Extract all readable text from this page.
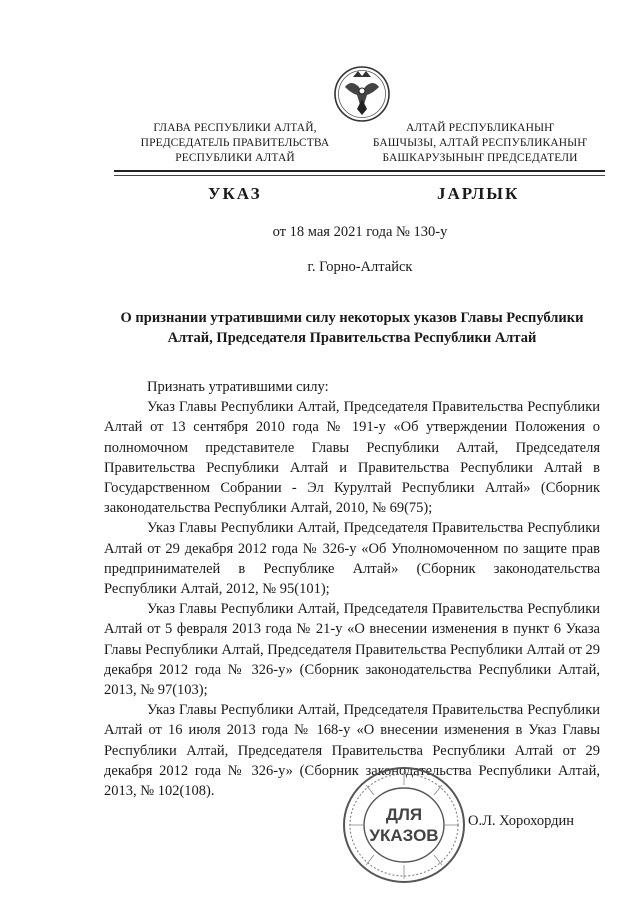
ГЛАВА РЕСПУБЛИКИ АЛТАЙ,
ПРЕДСЕДАТЕЛЬ ПРАВИТЕЛЬСТВА
РЕСПУБЛИКИ АЛТАЙ
АЛТАЙ РЕСПУБЛИКАНЫҤ
БАШЧЫЗЫ, АЛТАЙ РЕСПУБЛИКАНЫҤ
БАШКАРУЗЫНЫҤ ПРЕДСЕДАТЕЛИ
УКАЗ	JАРЛЫК
от 18 мая 2021 года № 130-у
г. Горно-Алтайск
О признании утратившими силу некоторых указов Главы Республики Алтай, Председателя Правительства Республики Алтай

Признать утратившими силу:

Указ Главы Республики Алтай, Председателя Правительства Республики Алтай от 13 сентября 2010 года № 191-у «Об утверждении Положения о полномочном представителе Главы Республики Алтай, Председателя Правительства Республики Алтай и Правительства Республики Алтай в Государственном Собрании - Эл Курултай Республики Алтай» (Сборник законодательства Республики Алтай, 2010, № 69(75);

Указ Главы Республики Алтай, Председателя Правительства Республики Алтай от 29 декабря 2012 года № 326-у «Об Уполномоченном по защите прав предпринимателей в Республике Алтай» (Сборник законодательства Республики Алтай, 2012, № 95(101);

Указ Главы Республики Алтай, Председателя Правительства Республики Алтай от 5 февраля 2013 года № 21-у «О внесении изменения в пункт 6 Указа Главы Республики Алтай, Председателя Правительства Республики Алтай от 29 декабря 2012 года № 326-у» (Сборник законодательства Республики Алтай, 2013, № 97(103);

Указ Главы Республики Алтай, Председателя Правительства Республики Алтай от 16 июля 2013 года № 168-у «О внесении изменения в Указ Главы Республики Алтай, Председателя Правительства Республики Алтай от 29 декабря 2012 года № 326-у» (Сборник законодательства Республики Алтай, 2013, № 102(108).

ДЛЯ
УКАЗОВ
О.Л. Хорохордин
